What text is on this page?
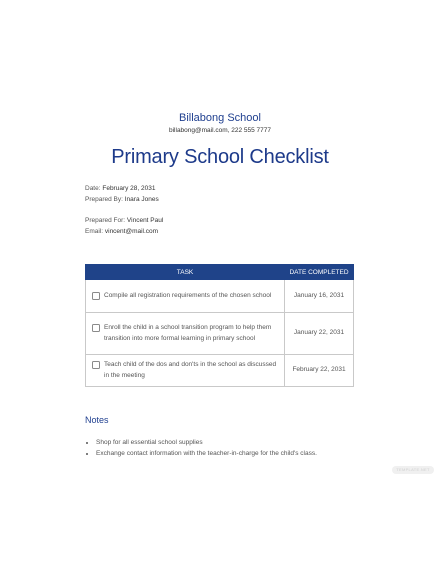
Billabong School
billabong@mail.com, 222 555 7777
Primary School Checklist
Date: February 28, 2031
Prepared By: Inara Jones
Prepared For: Vincent Paul
Email: vincent@mail.com
TASK	DATE COMPLETED

Compile all registration requirements of the chosen school	January 16, 2031

Enroll the child in a school transition program to help them transition into more formal learning in primary school	January 22, 2031

Teach child of the dos and don'ts in the school as discussed in the meeting	February 22, 2031
Notes
• Shop for all essential school supplies
• Exchange contact information with the teacher-in-charge for the child's class.
TEMPLATE.NET
